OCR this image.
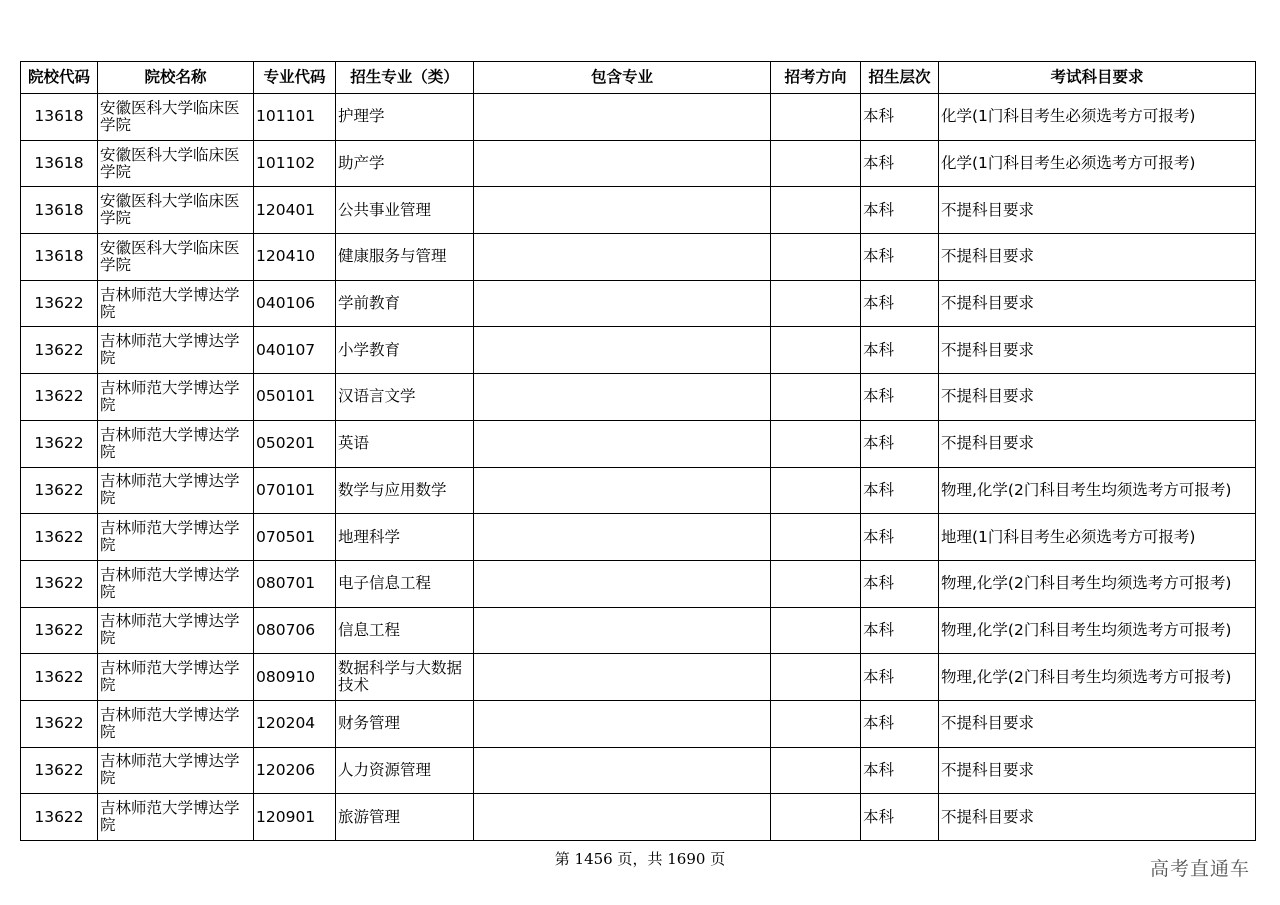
院校代码	院校名称	专业代码	招生专业（类）	包含专业	招考方向	招生层次	考试科目要求
13618	安徽医科大学临床医学院	101101	护理学			本科	化学(1门科目考生必须选考方可报考)
13618	安徽医科大学临床医学院	101102	助产学			本科	化学(1门科目考生必须选考方可报考)
13618	安徽医科大学临床医学院	120401	公共事业管理			本科	不提科目要求
13618	安徽医科大学临床医学院	120410	健康服务与管理			本科	不提科目要求
13622	吉林师范大学博达学院	040106	学前教育			本科	不提科目要求
13622	吉林师范大学博达学院	040107	小学教育			本科	不提科目要求
13622	吉林师范大学博达学院	050101	汉语言文学			本科	不提科目要求
13622	吉林师范大学博达学院	050201	英语			本科	不提科目要求
13622	吉林师范大学博达学院	070101	数学与应用数学			本科	物理,化学(2门科目考生均须选考方可报考)
13622	吉林师范大学博达学院	070501	地理科学			本科	地理(1门科目考生必须选考方可报考)
13622	吉林师范大学博达学院	080701	电子信息工程			本科	物理,化学(2门科目考生均须选考方可报考)
13622	吉林师范大学博达学院	080706	信息工程			本科	物理,化学(2门科目考生均须选考方可报考)
13622	吉林师范大学博达学院	080910	数据科学与大数据技术			本科	物理,化学(2门科目考生均须选考方可报考)
13622	吉林师范大学博达学院	120204	财务管理			本科	不提科目要求
13622	吉林师范大学博达学院	120206	人力资源管理			本科	不提科目要求
13622	吉林师范大学博达学院	120901	旅游管理			本科	不提科目要求
第 1456 页，共 1690 页	高考直通车
